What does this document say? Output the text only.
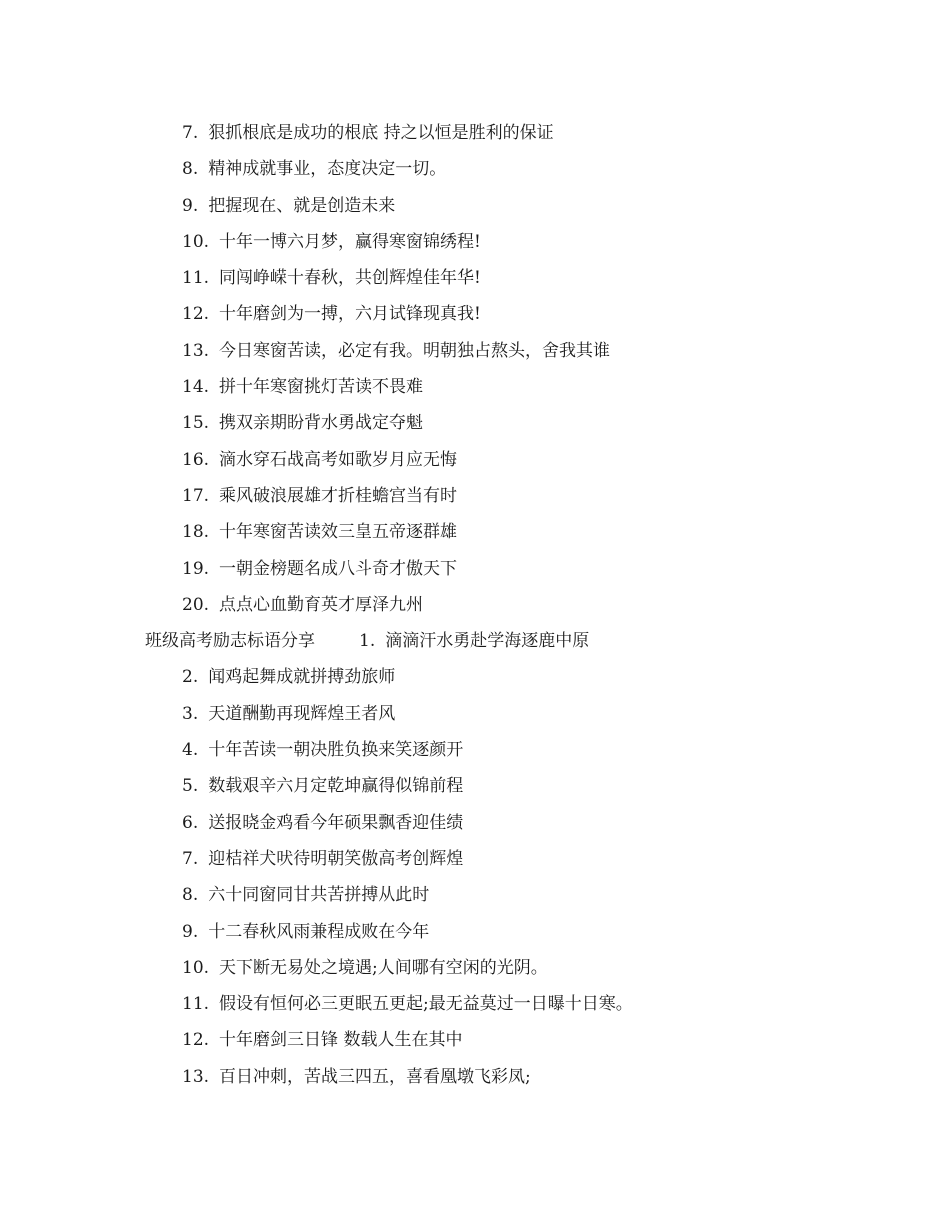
7. 狠抓根底是成功的根底 持之以恒是胜利的保证
8. 精神成就事业，态度决定一切。
9. 把握现在、就是创造未来
10. 十年一博六月梦，赢得寒窗锦绣程!
11. 同闯峥嵘十春秋，共创辉煌佳年华!
12. 十年磨剑为一搏，六月试锋现真我!
13. 今日寒窗苦读，必定有我。明朝独占熬头，舍我其谁
14. 拼十年寒窗挑灯苦读不畏难
15. 携双亲期盼背水勇战定夺魁
16. 滴水穿石战高考如歌岁月应无悔
17. 乘风破浪展雄才折桂蟾宫当有时
18. 十年寒窗苦读效三皇五帝逐群雄
19. 一朝金榜题名成八斗奇才傲天下
20. 点点心血勤育英才厚泽九州
班级高考励志标语分享	1. 滴滴汗水勇赴学海逐鹿中原
2. 闻鸡起舞成就拼搏劲旅师
3. 天道酬勤再现辉煌王者风
4. 十年苦读一朝决胜负换来笑逐颜开
5. 数载艰辛六月定乾坤赢得似锦前程
6. 送报晓金鸡看今年硕果飘香迎佳绩
7. 迎桔祥犬吠待明朝笑傲高考创辉煌
8. 六十同窗同甘共苦拼搏从此时
9. 十二春秋风雨兼程成败在今年
10. 天下断无易处之境遇;人间哪有空闲的光阴。
11. 假设有恒何必三更眠五更起;最无益莫过一日曝十日寒。
12. 十年磨剑三日锋 数载人生在其中
13. 百日冲刺，苦战三四五，喜看凰墩飞彩凤;
